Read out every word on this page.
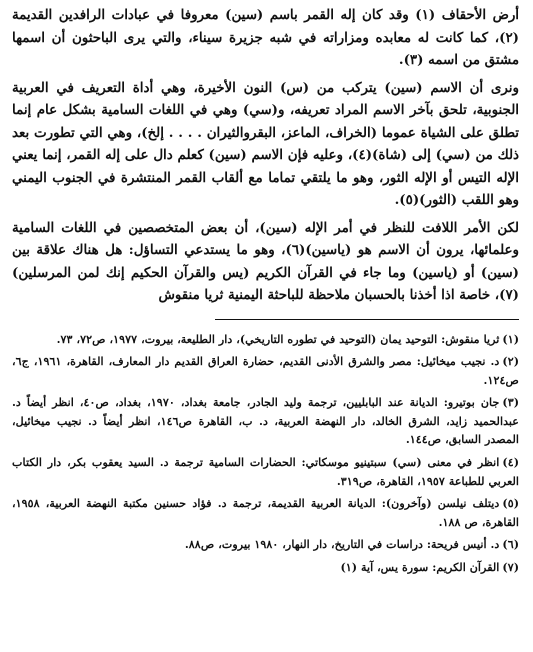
أرض الأحقاف (١) وقد كان إله القمر باسم (سين) معروفا في عبادات الرافدين القديمة (٢)، كما كانت له معابده ومزاراته في شبه جزيرة سيناء، والتي يرى الباحثون أن اسمها مشتق من اسمه (٣).

ونرى أن الاسم (سين) يتركب من (س) النون الأخيرة، وهي أداة التعريف في العربية الجنوبية، تلحق بآخر الاسم المراد تعريفه، و(سي) وهي في اللغات السامية بشكل عام إنما تطلق على الشياة عموما (الخراف، الماعز، البقروالثيران . . . . إلخ)، وهي التي تطورت بعد ذلك من (سي) إلى (شاة)(٤)، وعليه فإن الاسم (سين) كعلم دال على إله القمر، إنما يعني الإله التيس أو الإله الثور، وهو ما يلتقي تماما مع ألقاب القمر المنتشرة في الجنوب اليمني وهو اللقب (الثور)(٥).

لكن الأمر اللافت للنظر في أمر الإله (سين)، أن بعض المتخصصين في اللغات السامية وعلمائها، يرون أن الاسم هو (ياسين)(٦)، وهو ما يستدعي التساؤل: هل هناك علاقة بين (سين) أو (ياسين) وما جاء في القرآن الكريم (يس والقرآن الحكيم إنك لمن المرسلين)(٧)، خاصة اذا أخذنا بالحسبان ملاحظة للباحثة اليمنية ثريا منقوش

(١)ثريا منقوش: التوحيد يمان (التوحيد في تطوره التاريخي)، دار الطليعة، بيروت، ١٩٧٧، ص٧٢، ٧٣.

(٢)د. نجيب ميخائيل: مصر والشرق الأدنى القديم، حضارة العراق القديم دار المعارف، القاهرة، ١٩٦١، ج٦، ص١٢٤.

(٣)جان بوتيرو: الديانة عند البابليين، ترجمة وليد الجادر، جامعة بغداد، ١٩٧٠، بغداد، ص٤٠، انظر أيضاً د. عبدالحميد زايد، الشرق الخالد، دار النهضة العربية، د. ب، القاهرة ص١٤٦، انظر أيضاً د. نجيب ميخائيل، المصدر السابق، ص١٤٤.

(٤)انظر في معنى (سي) سبتينيو موسكاتي: الحضارات السامية ترجمة د. السيد يعقوب بكر، دار الكتاب العربي للطباعة ١٩٥٧، القاهرة، ص٣١٩.

(٥)ديتلف نيلسن (وآخرون): الديانة العربية القديمة، ترجمة د. فؤاد حسنين مكتبة النهضة العربية، ١٩٥٨، القاهرة، ص ١٨٨.

(٦)د. أنيس فريحة: دراسات في التاريخ، دار النهار، ١٩٨٠ بيروت، ص٨٨.

(٧)القرآن الكريم: سورة يس، آية (١)
